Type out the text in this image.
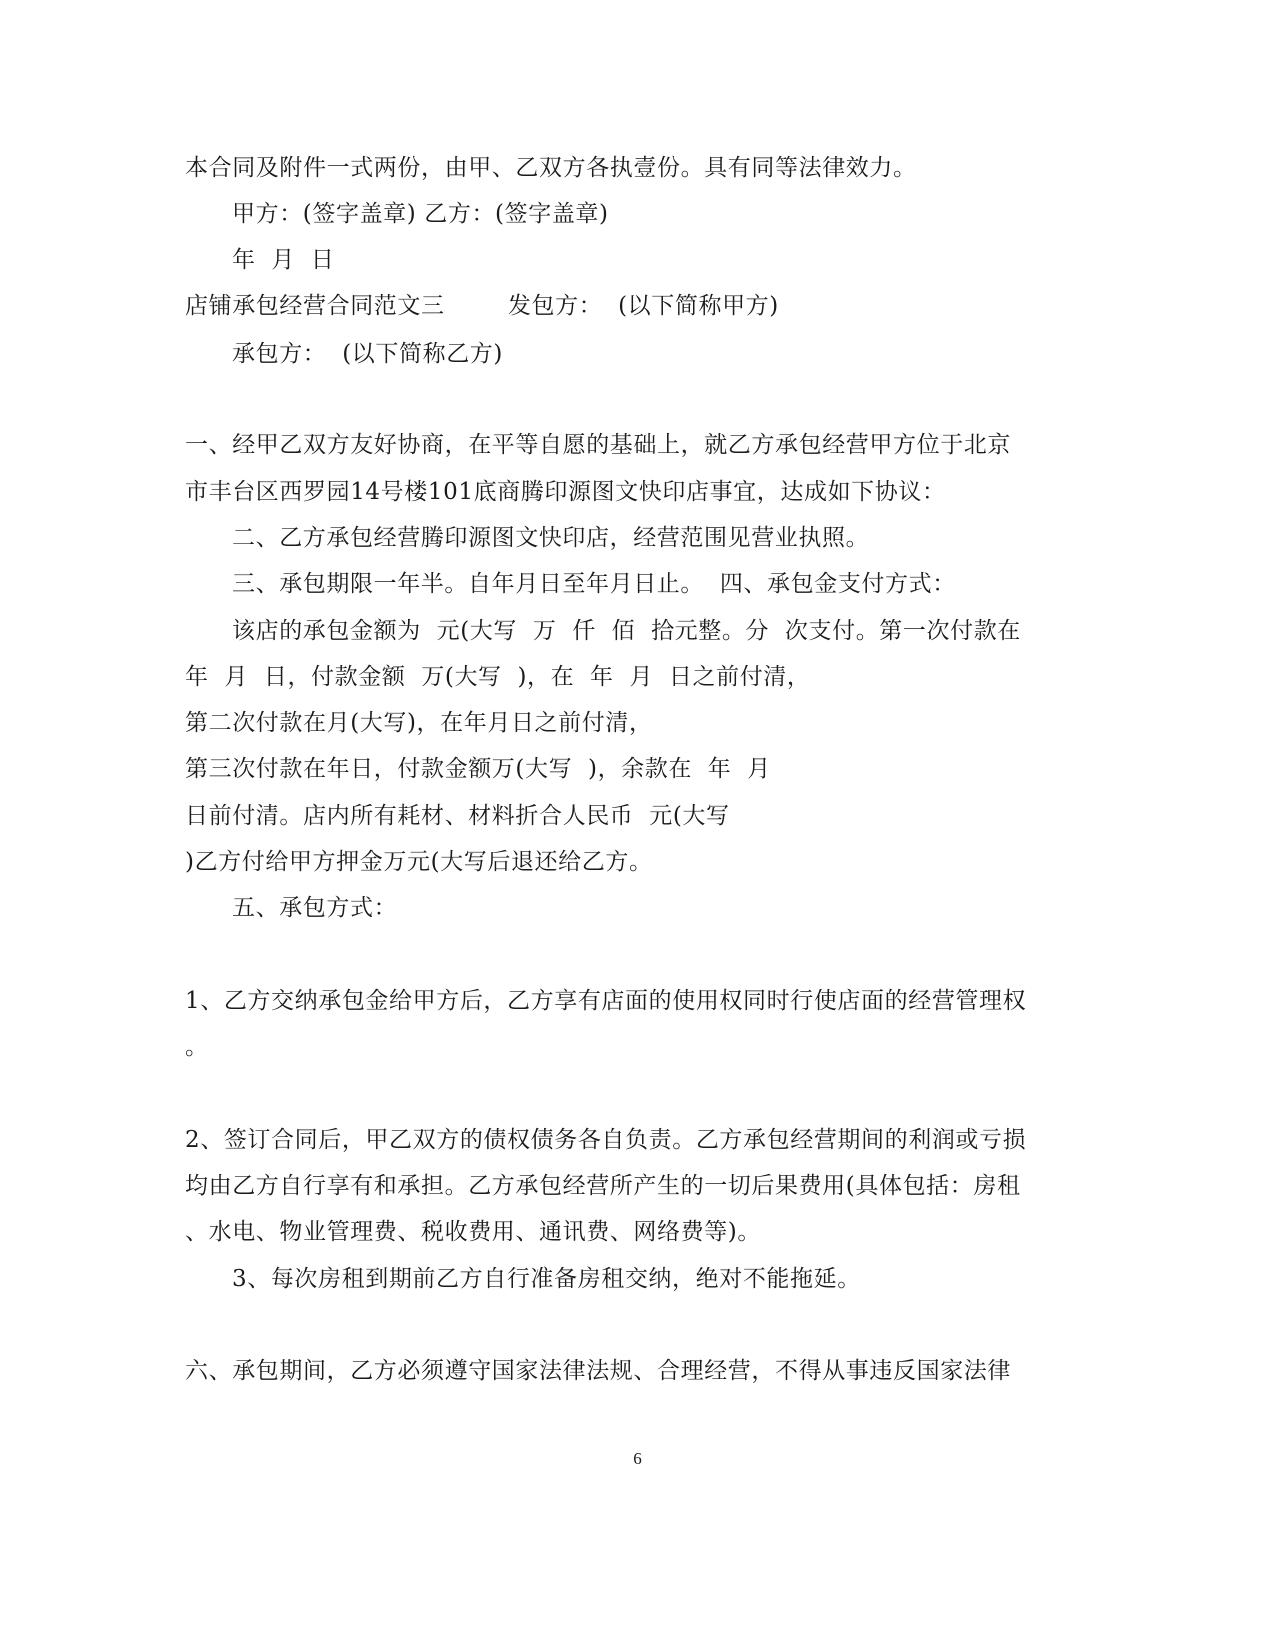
本合同及附件一式两份，由甲、乙双方各执壹份。具有同等法律效力。
甲方：(签字盖章) 乙方：(签字盖章)
年  月  日
店铺承包经营合同范文三        发包方：  (以下简称甲方)
承包方：  (以下简称乙方)
一、经甲乙双方友好协商，在平等自愿的基础上，就乙方承包经营甲方位于北京
市丰台区西罗园14号楼101底商腾印源图文快印店事宜，达成如下协议：
二、乙方承包经营腾印源图文快印店，经营范围见营业执照。
三、承包期限一年半。自年月日至年月日止。  四、承包金支付方式：
该店的承包金额为  元(大写  万  仟  佰  拾元整。分  次支付。第一次付款在
年  月  日，付款金额  万(大写  )，在  年  月  日之前付清，
第二次付款在月(大写)，在年月日之前付清，
第三次付款在年日，付款金额万(大写  )，余款在  年  月
日前付清。店内所有耗材、材料折合人民币  元(大写
)乙方付给甲方押金万元(大写后退还给乙方。
五、承包方式：
1、乙方交纳承包金给甲方后，乙方享有店面的使用权同时行使店面的经营管理权
。
2、签订合同后，甲乙双方的债权债务各自负责。乙方承包经营期间的利润或亏损
均由乙方自行享有和承担。乙方承包经营所产生的一切后果费用(具体包括：房租
、水电、物业管理费、税收费用、通讯费、网络费等)。
3、每次房租到期前乙方自行准备房租交纳，绝对不能拖延。
六、承包期间，乙方必须遵守国家法律法规、合理经营，不得从事违反国家法律
6
